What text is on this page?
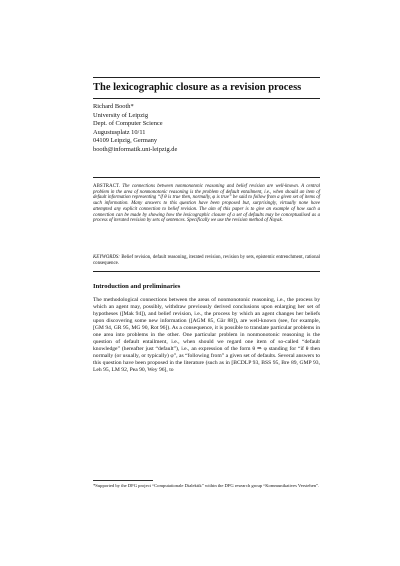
The lexicographic closure as a revision process
Richard Booth*
University of Leipzig
Dept. of Computer Science
Augustusplatz 10/11
04109 Leipzig, Germany
booth@informatik.uni-leipzig.de
ABSTRACT. The connections between nonmonotonic reasoning and belief revision are well-known. A central problem in the area of nonmonotonic reasoning is the problem of default entailment, i.e., when should an item of default information representing “if θ is true then, normally, φ is true” be said to follow from a given set of items of such information. Many answers to this question have been proposed but, surprisingly, virtually none have attempted any explicit connection to belief revision. The aim of this paper is to give an example of how such a connection can be made by showing how the lexicographic closure of a set of defaults may be conceptualised as a process of iterated revision by sets of sentences. Specifically we use the revision method of Nayak.
KEYWORDS: Belief revision, default reasoning, iterated revision, revision by sets, epistemic entrenchment, rational consequence.
Introduction and preliminaries
The methodological connections between the areas of nonmonotonic reasoning, i.e., the process by which an agent may, possibly, withdraw previously derived conclusions upon enlarging her set of hypotheses ([Mak 94]), and belief revision, i.e., the process by which an agent changes her beliefs upon discovering some new information ([AGM 85, Gär 88]), are well-known (see, for example, [GM 94, GR 95, MG 90, Rot 96]). As a consequence, it is possible to translate particular problems in one area into problems in the other. One particular problem in nonmonotonic reasoning is the question of default entailment, i.e., when should we regard one item of so-called “default knowledge” (hereafter just “default”), i.e., an expression of the form θ ⇒ φ standing for “if θ then normally (or usually, or typically) φ”, as “following from” a given set of defaults. Several answers to this question have been proposed in the literature (such as in [BCDLP 93, BSS 95, Bre 89, GMP 93, Leh 95, LM 92, Pea 90, Wey 96], to
*Supported by the DFG project “Computationale Dialektik” within the DFG research group “Kommunikatives Verstehen”.
